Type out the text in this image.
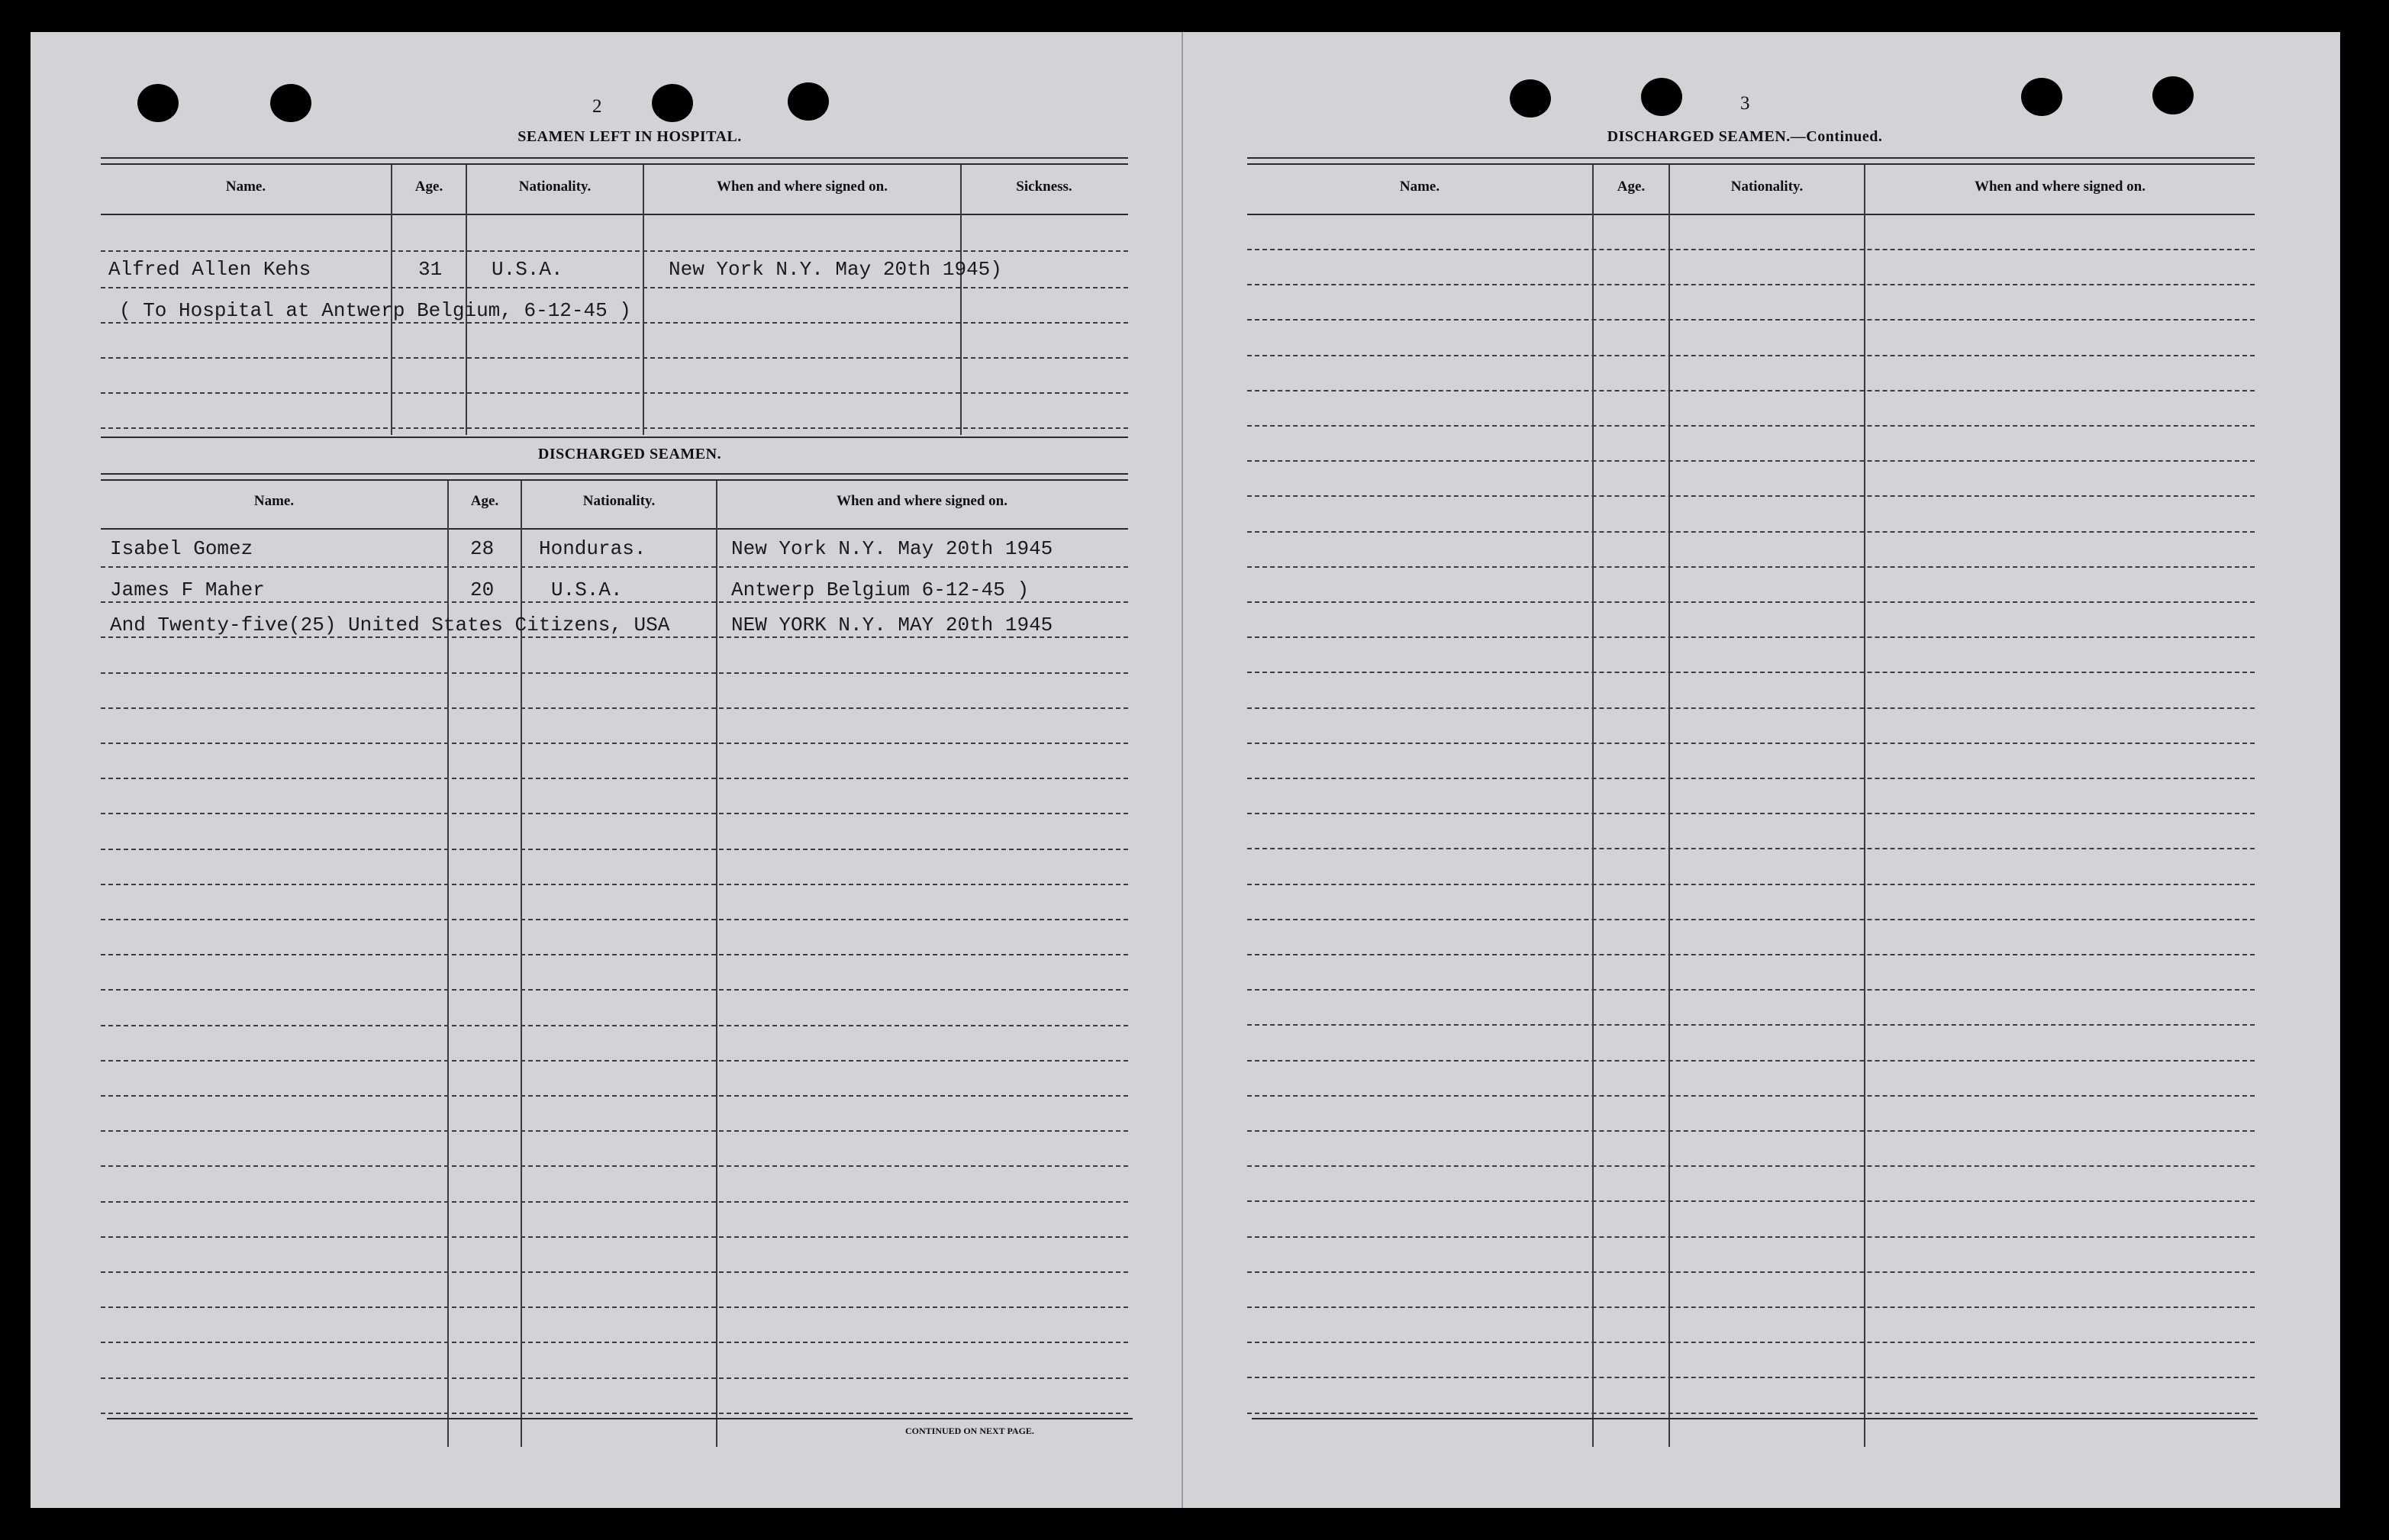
2
SEAMEN LEFT IN HOSPITAL.
Name.	Age.	Nationality.	When and where signed on.	Sickness.
Alfred Allen Kehs	31 U.S.A.	New York N.Y. May 20th 1945)
( To Hospital at Antwerp Belgium, 6-12-45 )
DISCHARGED SEAMEN.
Name.	Age.	Nationality.	When and where signed on.
Isabel Gomez	28 Honduras.	New York N.Y. May 20th 1945
James F Maher	20	U.S.A.	Antwerp Belgium 6-12-45 )
And Twenty-five(25) United States Citizens, USA	NEW YORK N.Y. MAY 20th 1945
CONTINUED ON NEXT PAGE.
3
DISCHARGED SEAMEN.—Continued.
Name.	Age.	Nationality.	When and where signed on.
